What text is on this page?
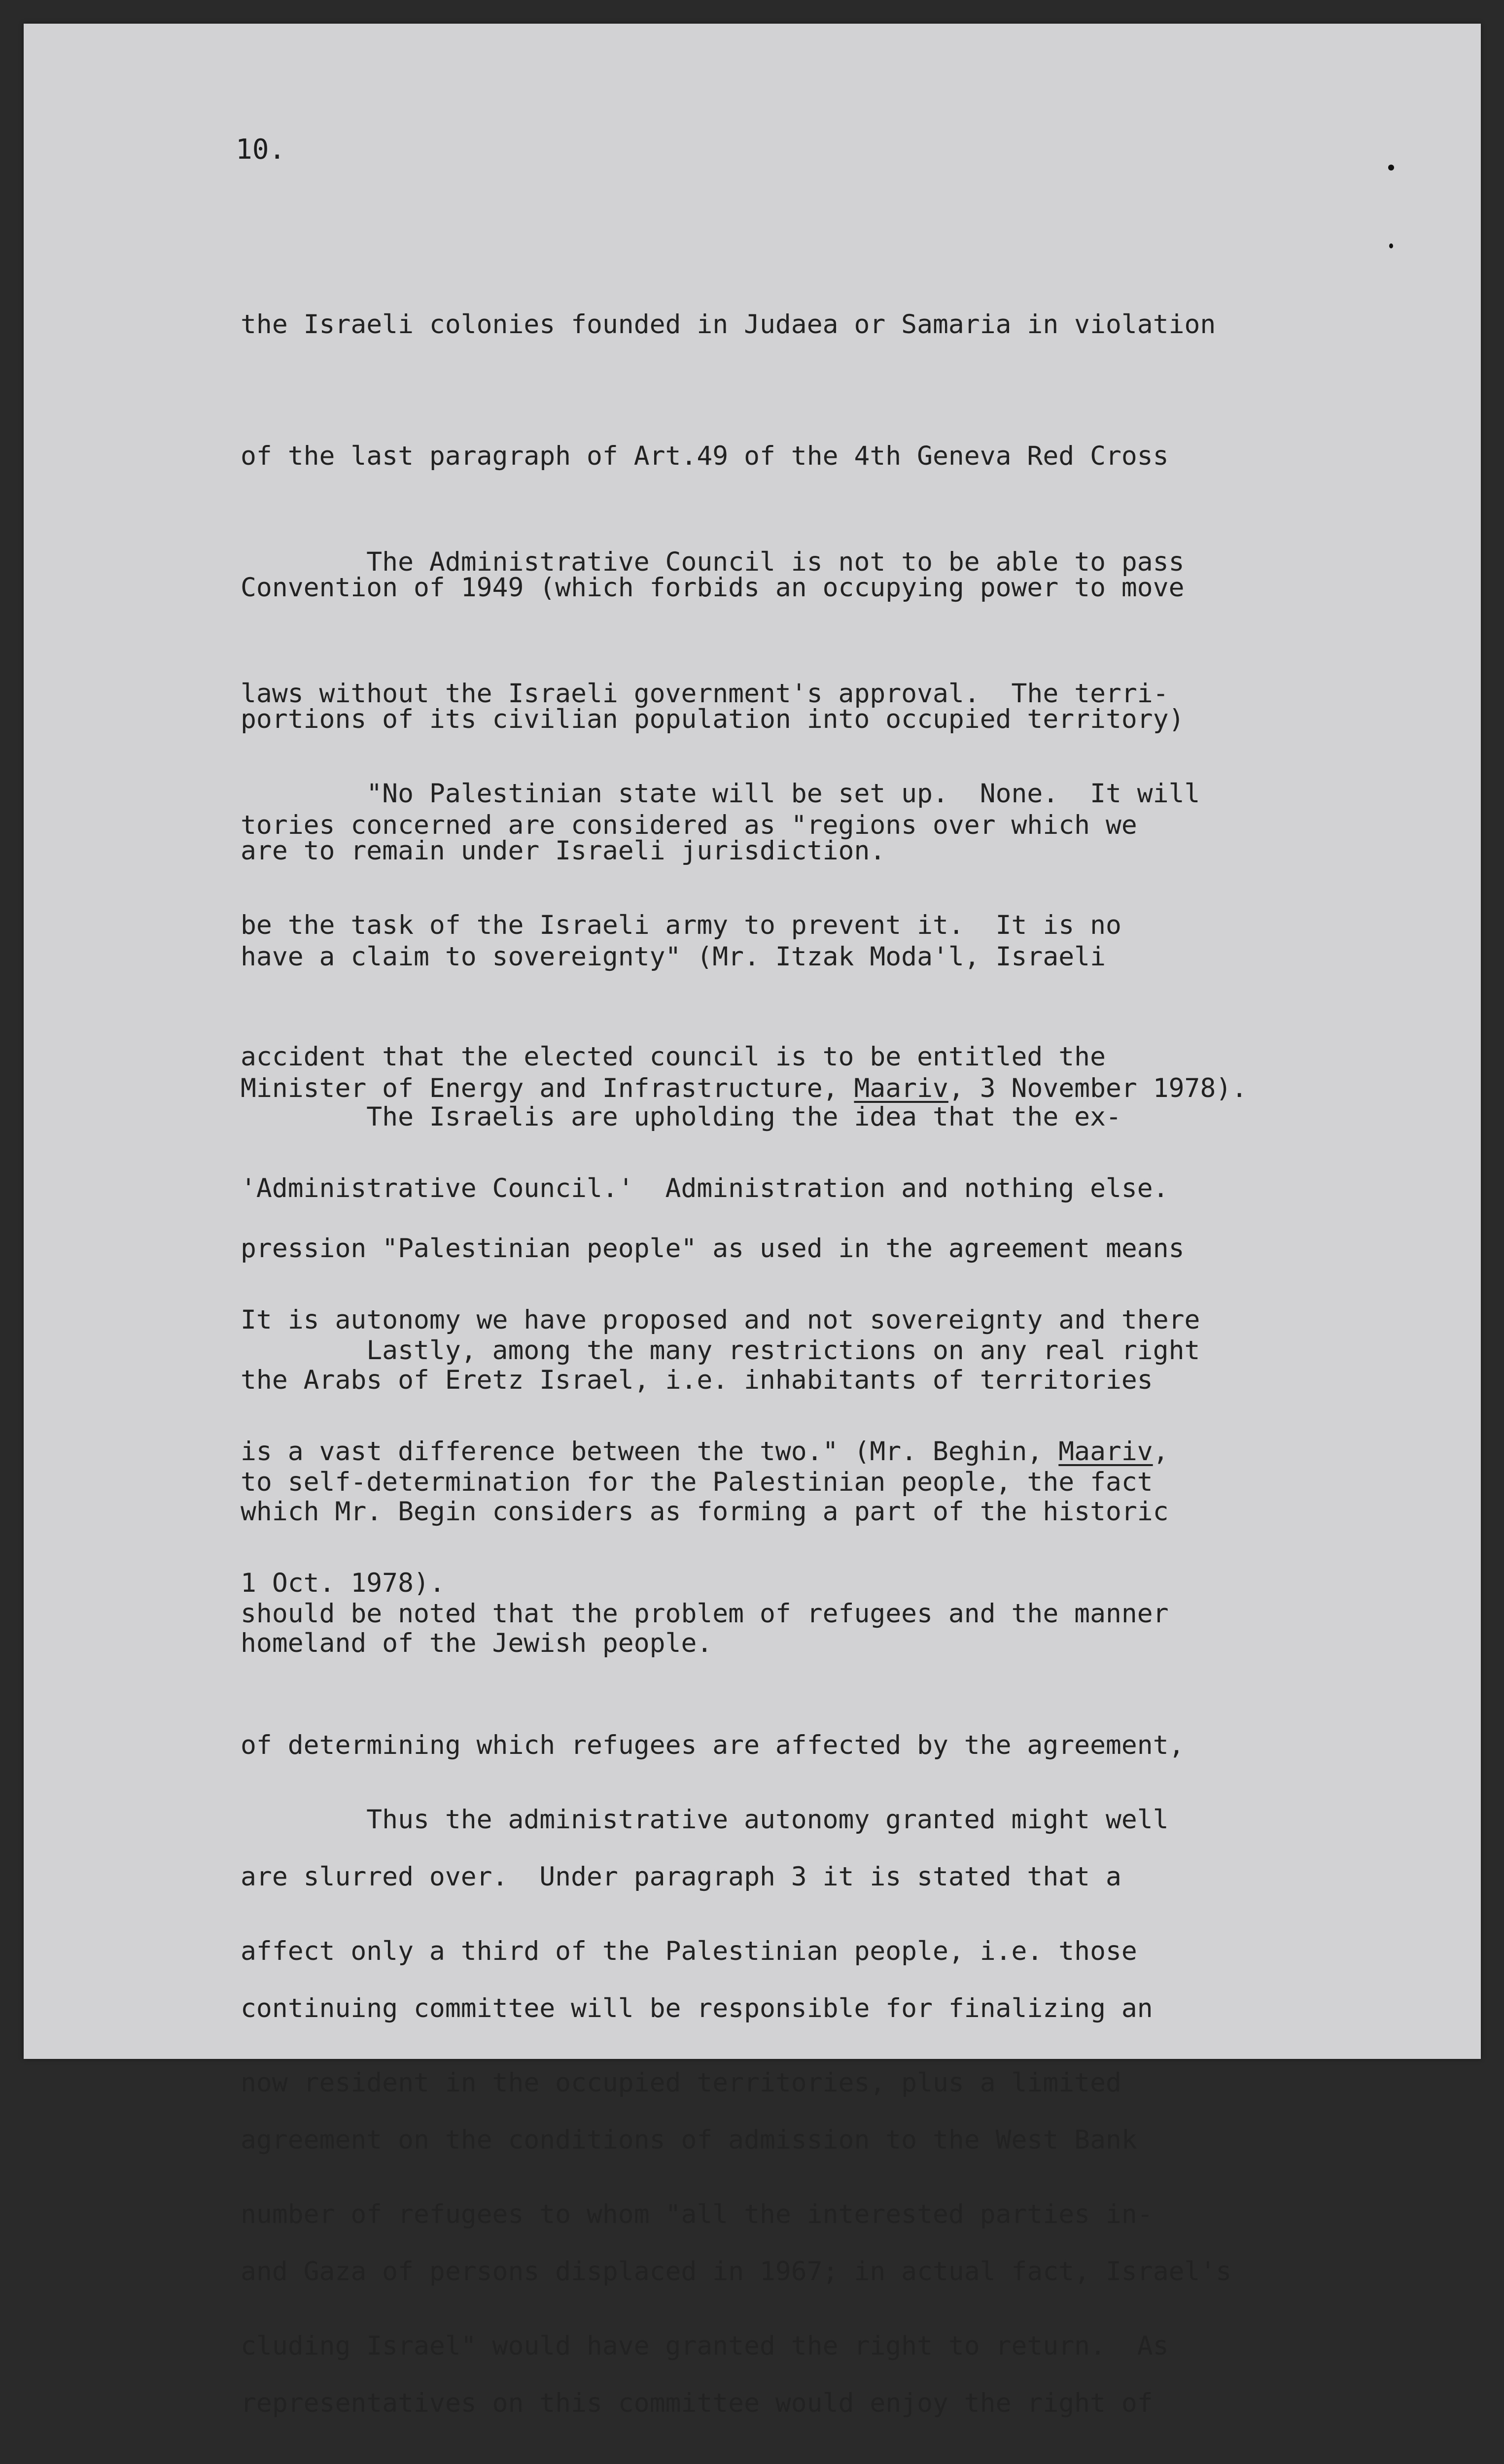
10.

the Israeli colonies founded in Judaea or Samaria in violation

of the last paragraph of Art.49 of the 4th Geneva Red Cross

Convention of 1949 (which forbids an occupying power to move

portions of its civilian population into occupied territory)

are to remain under Israeli jurisdiction.

The Administrative Council is not to be able to pass

laws without the Israeli government's approval.  The terri-

tories concerned are considered as "regions over which we

have a claim to sovereignty" (Mr. Itzak Moda'l, Israeli

Minister of Energy and Infrastructure, Maariv, 3 November 1978).

"No Palestinian state will be set up.  None.  It will

be the task of the Israeli army to prevent it.  It is no

accident that the elected council is to be entitled the

'Administrative Council.'  Administration and nothing else.

It is autonomy we have proposed and not sovereignty and there

is a vast difference between the two." (Mr. Beghin, Maariv,

1 Oct. 1978).

The Israelis are upholding the idea that the ex-

pression "Palestinian people" as used in the agreement means

the Arabs of Eretz Israel, i.e. inhabitants of territories

which Mr. Begin considers as forming a part of the historic

homeland of the Jewish people.

Lastly, among the many restrictions on any real right

to self-determination for the Palestinian people, the fact

should be noted that the problem of refugees and the manner

of determining which refugees are affected by the agreement,

are slurred over.  Under paragraph 3 it is stated that a

continuing committee will be responsible for finalizing an

agreement on the conditions of admission to the West Bank

and Gaza of persons displaced in 1967; in actual fact, Israel's

representatives on this committee would enjoy the right of

Thus the administrative autonomy granted might well

affect only a third of the Palestinian people, i.e. those

now resident in the occupied territories, plus a limited

number of refugees to whom "all the interested parties in-

cluding Israel" would have granted the right to return.  As
